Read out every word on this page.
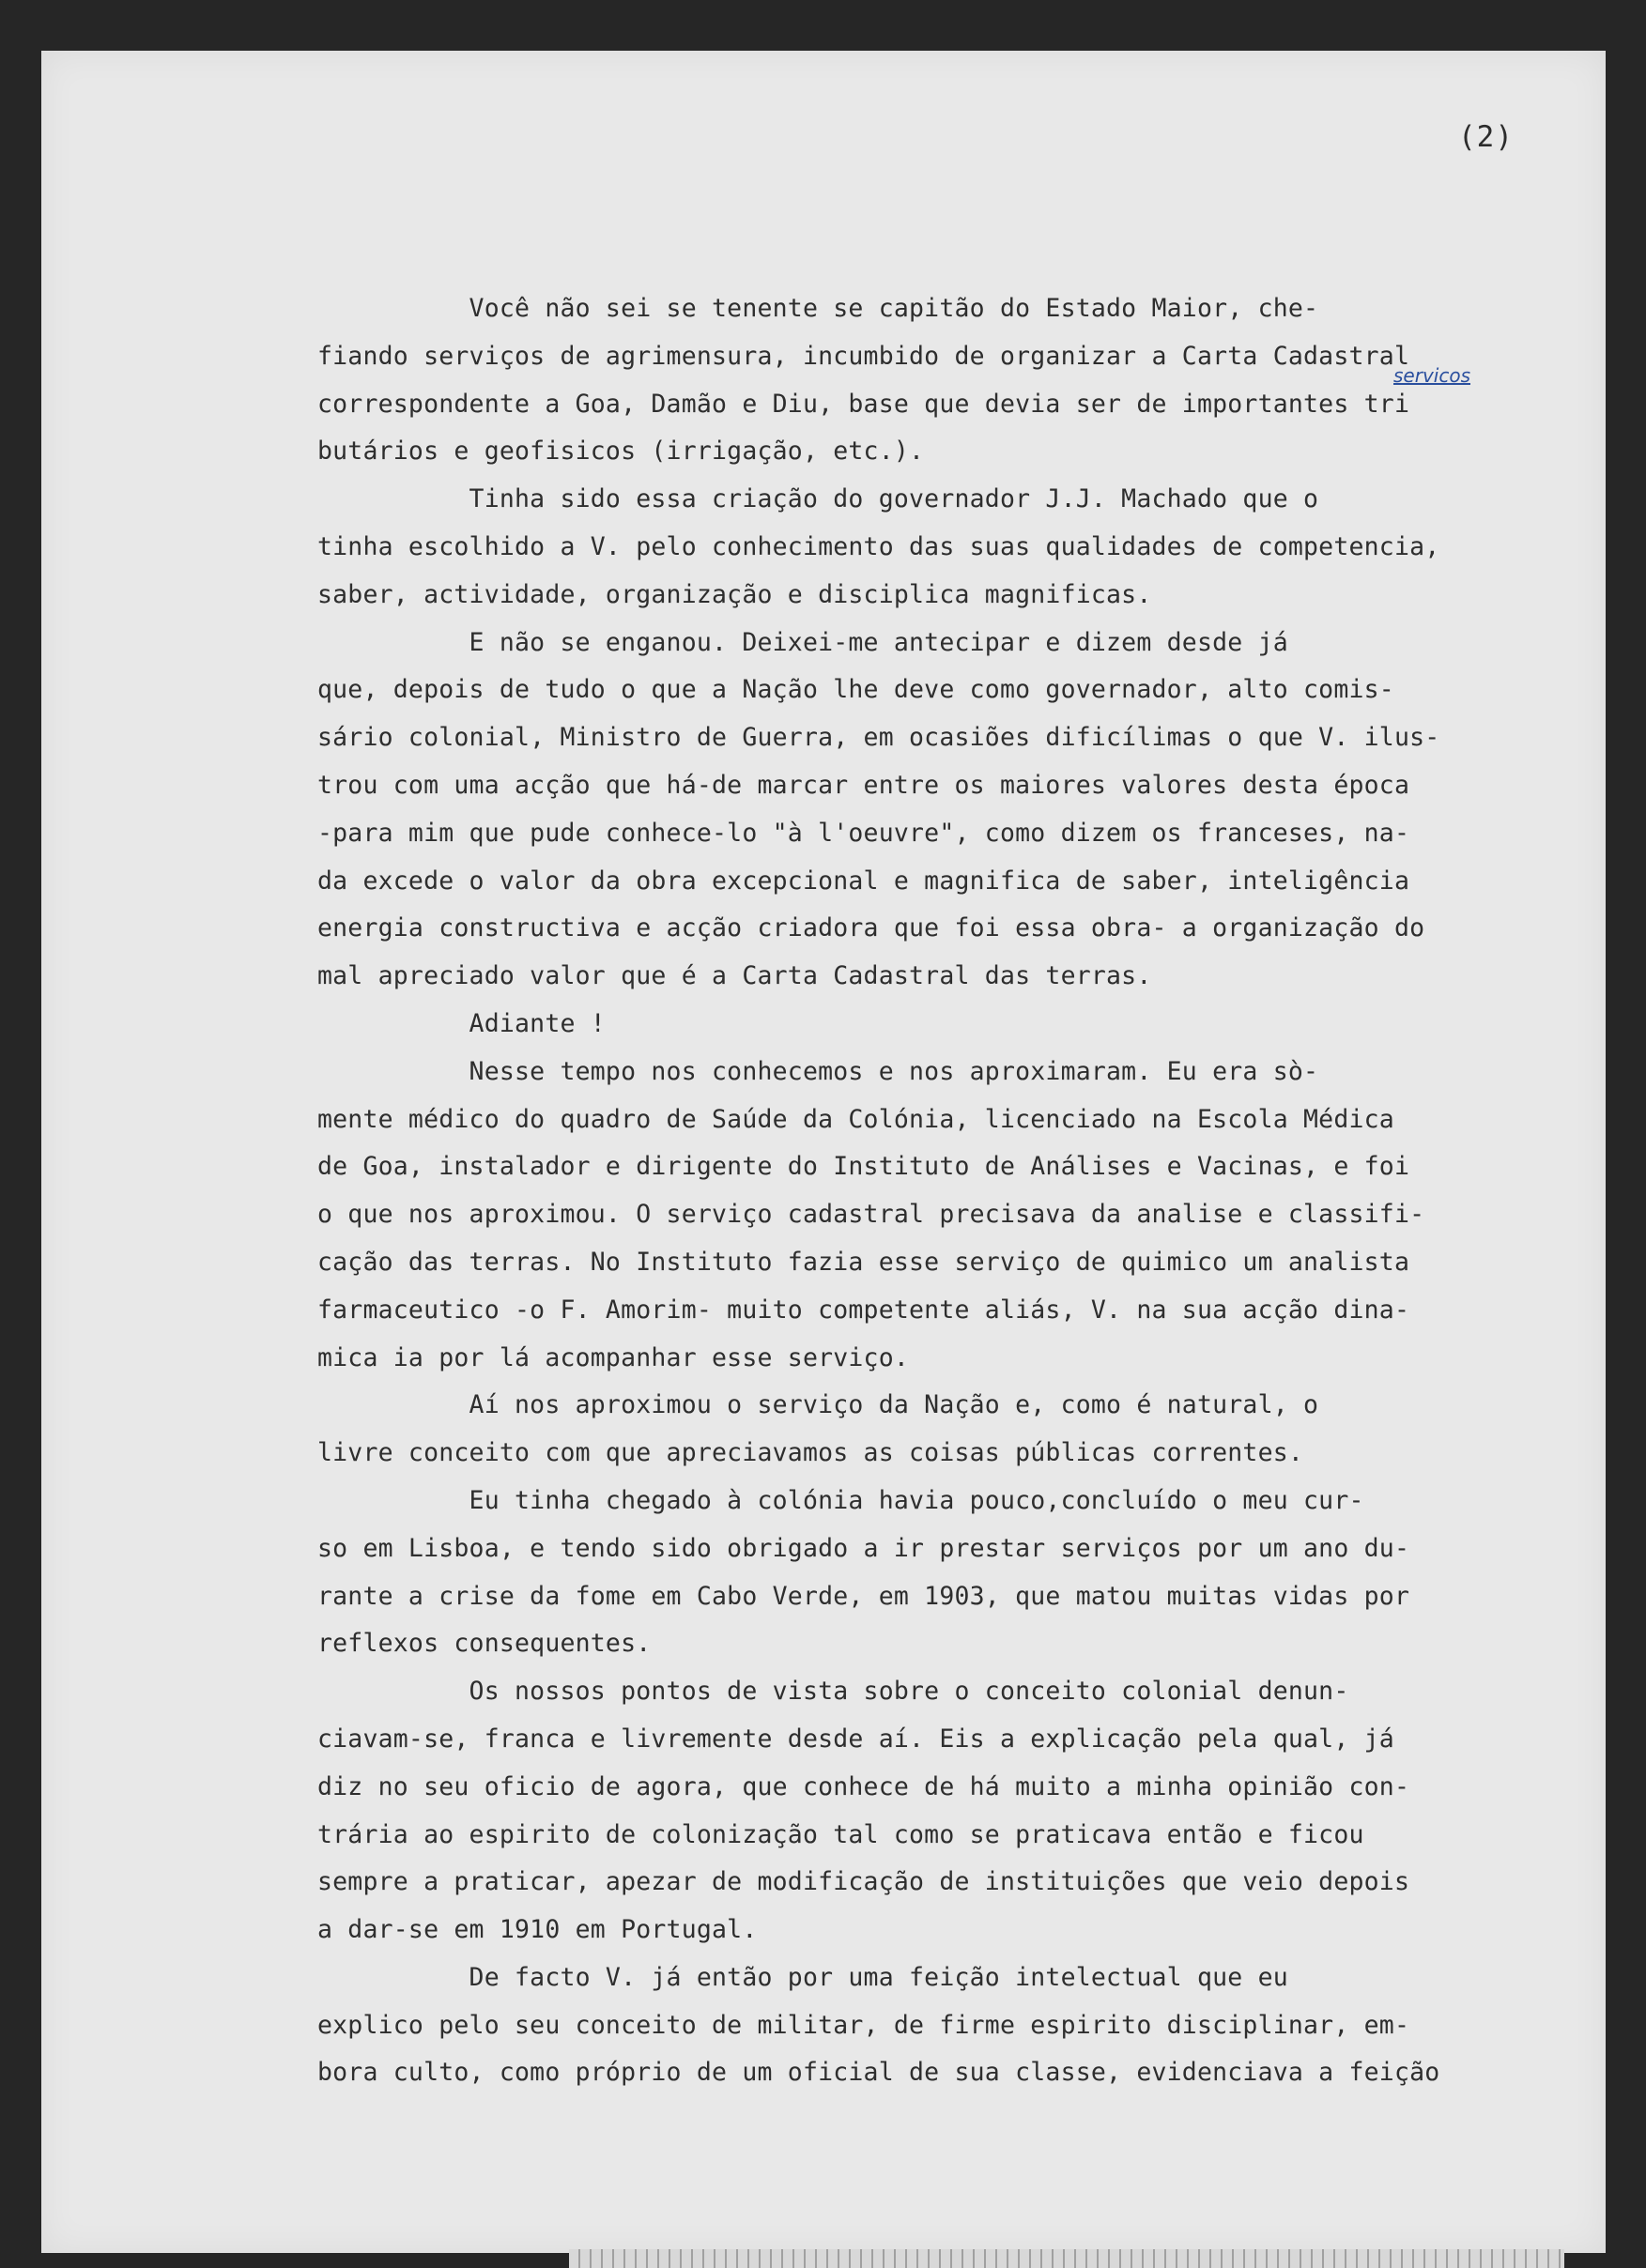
(2)
servicos
Você não sei se tenente se capitão do Estado Maior, che-
fiando serviços de agrimensura, incumbido de organizar a Carta Cadastral
correspondente a Goa, Damão e Diu, base que devia ser de importantes tri
butários e geofisicos (irrigação, etc.).
Tinha sido essa criação do governador J.J. Machado que o
tinha escolhido a V. pelo conhecimento das suas qualidades de competencia,
saber, actividade, organização e disciplica magnificas.
E não se enganou. Deixei-me antecipar e dizem desde já
que, depois de tudo o que a Nação lhe deve como governador, alto comis-
sário colonial, Ministro de Guerra, em ocasiões dificílimas o que V. ilus-
trou com uma acção que há-de marcar entre os maiores valores desta época
-para mim que pude conhece-lo "à l'oeuvre", como dizem os franceses, na-
da excede o valor da obra excepcional e magnifica de saber, inteligência
energia constructiva e acção criadora que foi essa obra- a organização do
mal apreciado valor que é a Carta Cadastral das terras.
Adiante !
Nesse tempo nos conhecemos e nos aproximaram. Eu era sò-
mente médico do quadro de Saúde da Colónia, licenciado na Escola Médica
de Goa, instalador e dirigente do Instituto de Análises e Vacinas, e foi
o que nos aproximou. O serviço cadastral precisava da analise e classifi-
cação das terras. No Instituto fazia esse serviço de quimico um analista
farmaceutico -o F. Amorim- muito competente aliás, V. na sua acção dina-
mica ia por lá acompanhar esse serviço.
Aí nos aproximou o serviço da Nação e, como é natural, o
livre conceito com que apreciavamos as coisas públicas correntes.
Eu tinha chegado à colónia havia pouco,concluído o meu cur-
so em Lisboa, e tendo sido obrigado a ir prestar serviços por um ano du-
rante a crise da fome em Cabo Verde, em 1903, que matou muitas vidas por
reflexos consequentes.
Os nossos pontos de vista sobre o conceito colonial denun-
ciavam-se, franca e livremente desde aí. Eis a explicação pela qual, já
diz no seu oficio de agora, que conhece de há muito a minha opinião con-
trária ao espirito de colonização tal como se praticava então e ficou
sempre a praticar, apezar de modificação de instituições que veio depois
a dar-se em 1910 em Portugal.
De facto V. já então por uma feição intelectual que eu
explico pelo seu conceito de militar, de firme espirito disciplinar, em-
bora culto, como próprio de um oficial de sua classe, evidenciava a feição
